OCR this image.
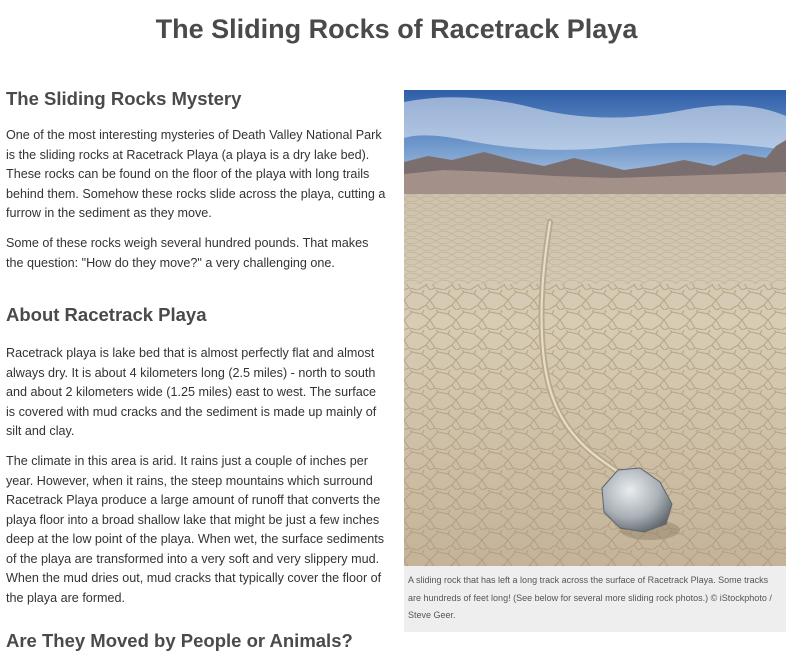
The Sliding Rocks of Racetrack Playa
The Sliding Rocks Mystery

One of the most interesting mysteries of Death Valley National Park is the sliding rocks at Racetrack Playa (a playa is a dry lake bed). These rocks can be found on the floor of the playa with long trails behind them. Somehow these rocks slide across the playa, cutting a furrow in the sediment as they move.

Some of these rocks weigh several hundred pounds. That makes the question: "How do they move?" a very challenging one.

About Racetrack Playa

Racetrack playa is lake bed that is almost perfectly flat and almost always dry. It is about 4 kilometers long (2.5 miles) - north to south and about 2 kilometers wide (1.25 miles) east to west. The surface is covered with mud cracks and the sediment is made up mainly of silt and clay.

The climate in this area is arid. It rains just a couple of inches per year. However, when it rains, the steep mountains which surround Racetrack Playa produce a large amount of runoff that converts the playa floor into a broad shallow lake that might be just a few inches deep at the low point of the playa. When wet, the surface sediments of the playa are transformed into a very soft and very slippery mud. When the mud dries out, mud cracks that typically cover the floor of the playa are formed.

Are They Moved by People or Animals?
A sliding rock that has left a long track across the surface of Racetrack Playa. Some tracks are hundreds of feet long! (See below for several more sliding rock photos.) © iStockphoto / Steve Geer.
